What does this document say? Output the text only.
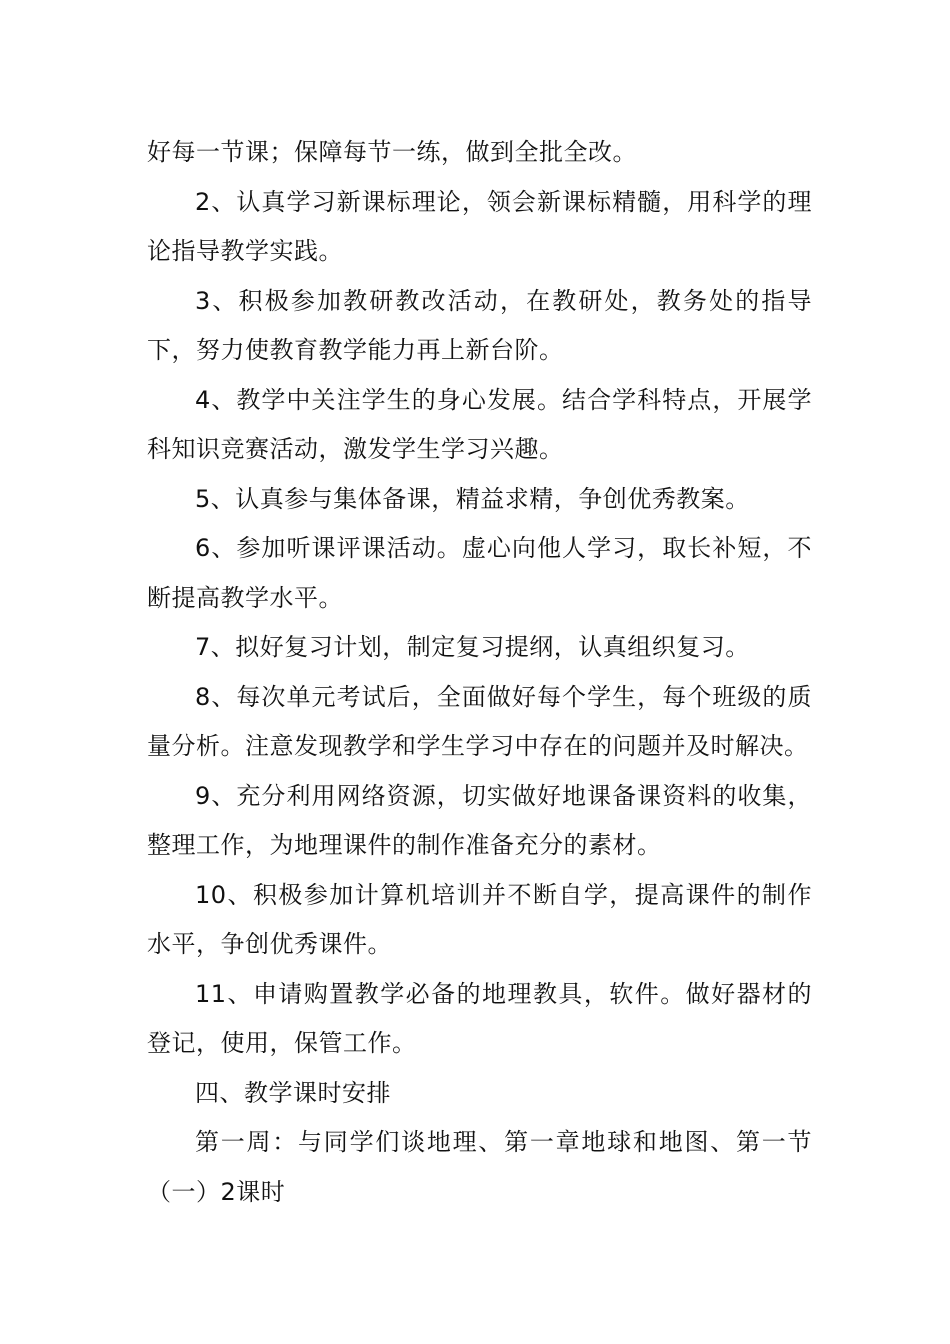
好每一节课；保障每节一练，做到全批全改。

2、认真学习新课标理论，领会新课标精髓，用科学的理论指导教学实践。

3、积极参加教研教改活动，在教研处，教务处的指导下，努力使教育教学能力再上新台阶。

4、教学中关注学生的身心发展。结合学科特点，开展学科知识竞赛活动，激发学生学习兴趣。

5、认真参与集体备课，精益求精，争创优秀教案。

6、参加听课评课活动。虚心向他人学习，取长补短，不断提高教学水平。

7、拟好复习计划，制定复习提纲，认真组织复习。

8、每次单元考试后，全面做好每个学生，每个班级的质量分析。注意发现教学和学生学习中存在的问题并及时解决。

9、充分利用网络资源，切实做好地课备课资料的收集，整理工作，为地理课件的制作准备充分的素材。

10、积极参加计算机培训并不断自学，提高课件的制作水平，争创优秀课件。

11、申请购置教学必备的地理教具，软件。做好器材的登记，使用，保管工作。

四、教学课时安排

第一周：与同学们谈地理、第一章地球和地图、第一节（一）2课时
